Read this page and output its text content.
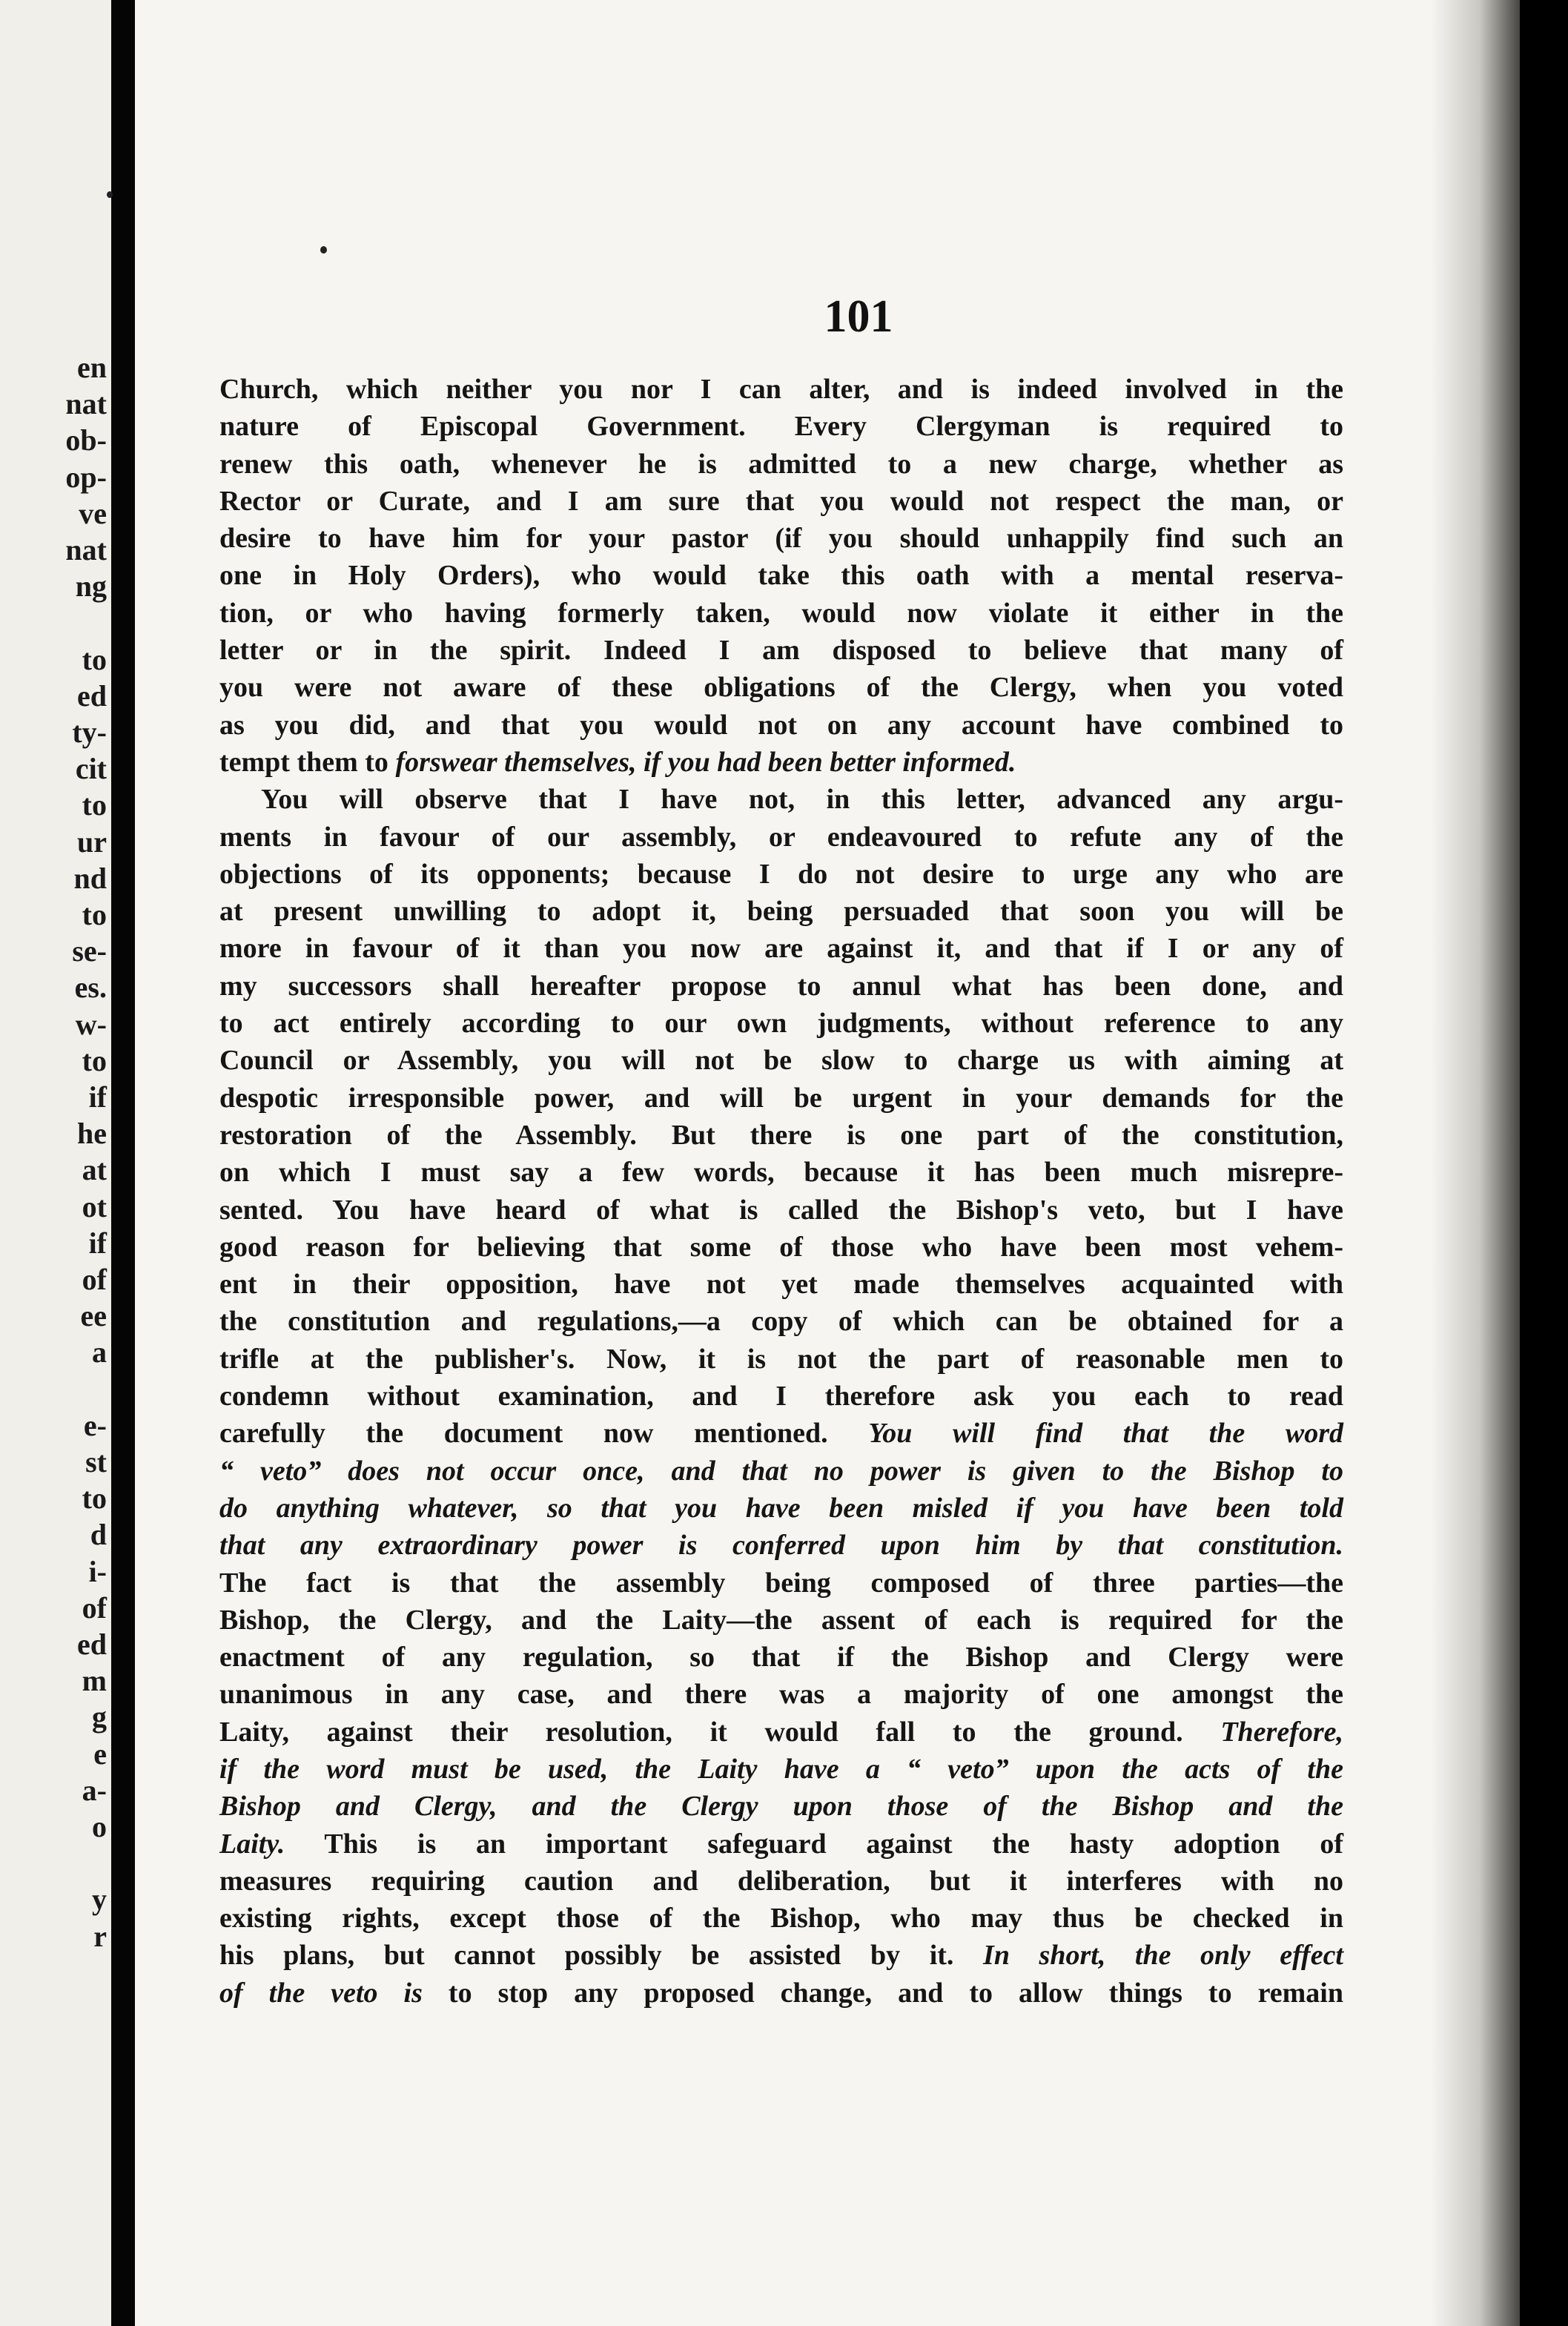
en
nat
ob-
op-
ve
nat
ng
to
ed
ty-
cit
to
ur
nd
to
se-
es.
w-
to
if
he
at
ot
if
of
ee
a
e-
st
to
d
i-
of
ed
m
g
e
a-
o
y
r
101
Church, which neither you nor I can alter, and is indeed involved in the
nature of Episcopal Government. Every Clergyman is required to
renew this oath, whenever he is admitted to a new charge, whether as
Rector or Curate, and I am sure that you would not respect the man, or
desire to have him for your pastor (if you should unhappily find such an
one in Holy Orders), who would take this oath with a mental reserva-
tion, or who having formerly taken, would now violate it either in the
letter or in the spirit. Indeed I am disposed to believe that many of
you were not aware of these obligations of the Clergy, when you voted
as you did, and that you would not on any account have combined to
tempt them to forswear themselves, if you had been better informed.
You will observe that I have not, in this letter, advanced any argu-
ments in favour of our assembly, or endeavoured to refute any of the
objections of its opponents; because I do not desire to urge any who are
at present unwilling to adopt it, being persuaded that soon you will be
more in favour of it than you now are against it, and that if I or any of
my successors shall hereafter propose to annul what has been done, and
to act entirely according to our own judgments, without reference to any
Council or Assembly, you will not be slow to charge us with aiming at
despotic irresponsible power, and will be urgent in your demands for the
restoration of the Assembly. But there is one part of the constitution,
on which I must say a few words, because it has been much misrepre-
sented. You have heard of what is called the Bishop's veto, but I have
good reason for believing that some of those who have been most vehem-
ent in their opposition, have not yet made themselves acquainted with
the constitution and regulations,—a copy of which can be obtained for a
trifle at the publisher's. Now, it is not the part of reasonable men to
condemn without examination, and I therefore ask you each to read
carefully the document now mentioned. You will find that the word
“ veto” does not occur once, and that no power is given to the Bishop to
do anything whatever, so that you have been misled if you have been told
that any extraordinary power is conferred upon him by that constitution.
The fact is that the assembly being composed of three parties—the
Bishop, the Clergy, and the Laity—the assent of each is required for the
enactment of any regulation, so that if the Bishop and Clergy were
unanimous in any case, and there was a majority of one amongst the
Laity, against their resolution, it would fall to the ground. Therefore,
if the word must be used, the Laity have a “ veto” upon the acts of the
Bishop and Clergy, and the Clergy upon those of the Bishop and the
Laity. This is an important safeguard against the hasty adoption of
measures requiring caution and deliberation, but it interferes with no
existing rights, except those of the Bishop, who may thus be checked in
his plans, but cannot possibly be assisted by it. In short, the only effect
of the veto is to stop any proposed change, and to allow things to remain
